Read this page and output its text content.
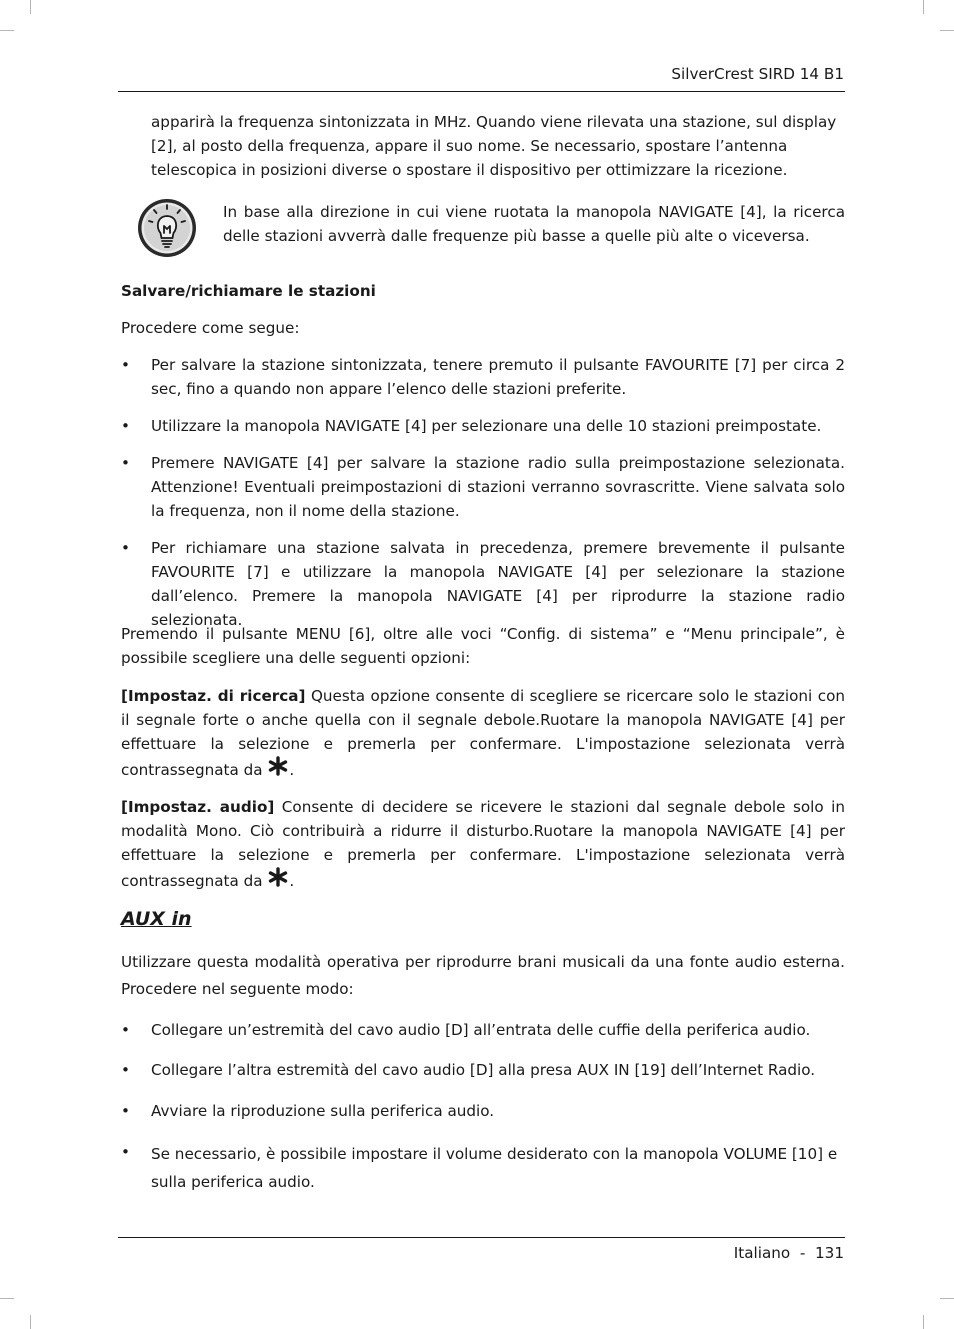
SilverCrest SIRD 14 B1
apparirà la frequenza sintonizzata in MHz. Quando viene rilevata una stazione, sul display [2], al posto della frequenza, appare il suo nome. Se necessario, spostare l’antenna telescopica in posizioni diverse o spostare il dispositivo per ottimizzare la ricezione.
In base alla direzione in cui viene ruotata la manopola NAVIGATE [4], la ricerca delle stazioni avverrà dalle frequenze più basse a quelle più alte o viceversa.
Salvare/richiamare le stazioni
Procedere come segue:
•	Per salvare la stazione sintonizzata, tenere premuto il pulsante FAVOURITE [7] per circa 2 sec, fino a quando non appare l’elenco delle stazioni preferite.
•	Utilizzare la manopola NAVIGATE [4] per selezionare una delle 10 stazioni preimpostate.
•	Premere NAVIGATE [4] per salvare la stazione radio sulla preimpostazione selezionata. Attenzione! Eventuali preimpostazioni di stazioni verranno sovrascritte. Viene salvata solo la frequenza, non il nome della stazione.
•	Per richiamare una stazione salvata in precedenza, premere brevemente il pulsante FAVOURITE [7] e utilizzare la manopola NAVIGATE [4] per selezionare la stazione dall’elenco. Premere la manopola NAVIGATE [4] per riprodurre la stazione radio selezionata.
Premendo il pulsante MENU [6], oltre alle voci “Config. di sistema” e “Menu principale”, è possibile scegliere una delle seguenti opzioni:
[Impostaz. di ricerca] Questa opzione consente di scegliere se ricercare solo le stazioni con il segnale forte o anche quella con il segnale debole.Ruotare la manopola NAVIGATE [4] per effettuare la selezione e premerla per confermare. L'impostazione selezionata verrà contrassegnata da .
[Impostaz. audio] Consente di decidere se ricevere le stazioni dal segnale debole solo in modalità Mono. Ciò contribuirà a ridurre il disturbo.Ruotare la manopola NAVIGATE [4] per effettuare la selezione e premerla per confermare. L'impostazione selezionata verrà contrassegnata da .
AUX in
Utilizzare questa modalità operativa per riprodurre brani musicali da una fonte audio esterna. Procedere nel seguente modo:
•	Collegare un’estremità del cavo audio [D] all’entrata delle cuffie della periferica audio.
•	Collegare l’altra estremità del cavo audio [D] alla presa AUX IN [19] dell’Internet Radio.
•	Avviare la riproduzione sulla periferica audio.
•	Se necessario, è possibile impostare il volume desiderato con la manopola VOLUME [10] e sulla periferica audio.
Italiano - 131
